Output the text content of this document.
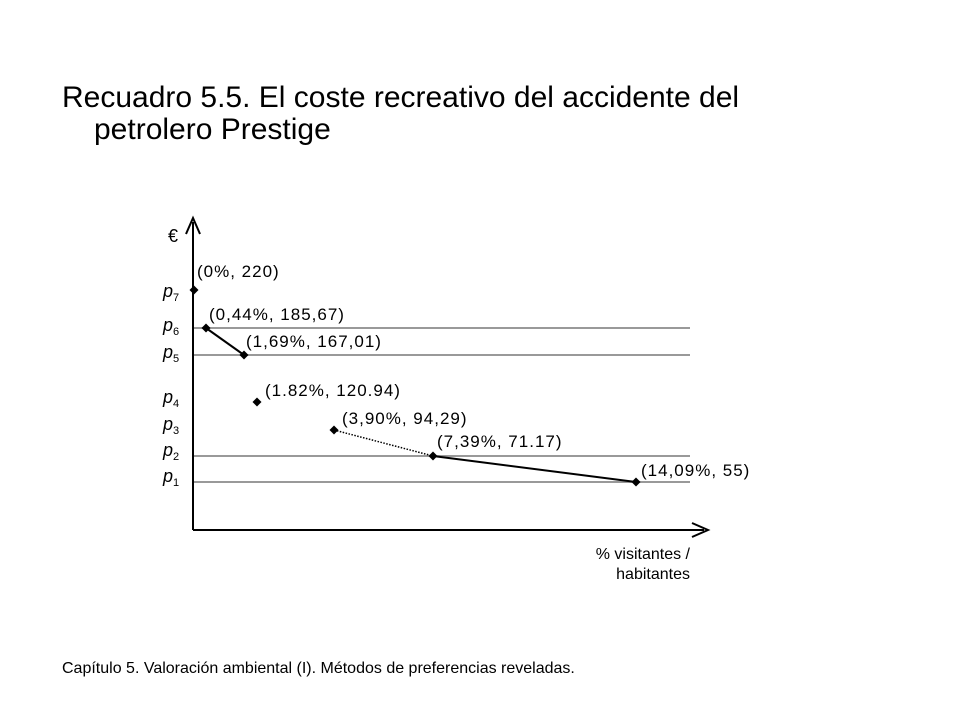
Recuadro 5.5. El coste recreativo del accidente del
petrolero Prestige
€
% visitantes /
habitantes
$p_7$
$p_6$
$p_5$
$p_4$
$p_3$
$p_2$
$p_1$
(0%, 220)
(0,44%, 185,67)
(1,69%, 167,01)
(1.82%, 120.94)
(3,90%, 94,29)
(7,39%, 71.17)
(14,09%, 55)
Capítulo 5. Valoración ambiental (I). Métodos de preferencias reveladas.
